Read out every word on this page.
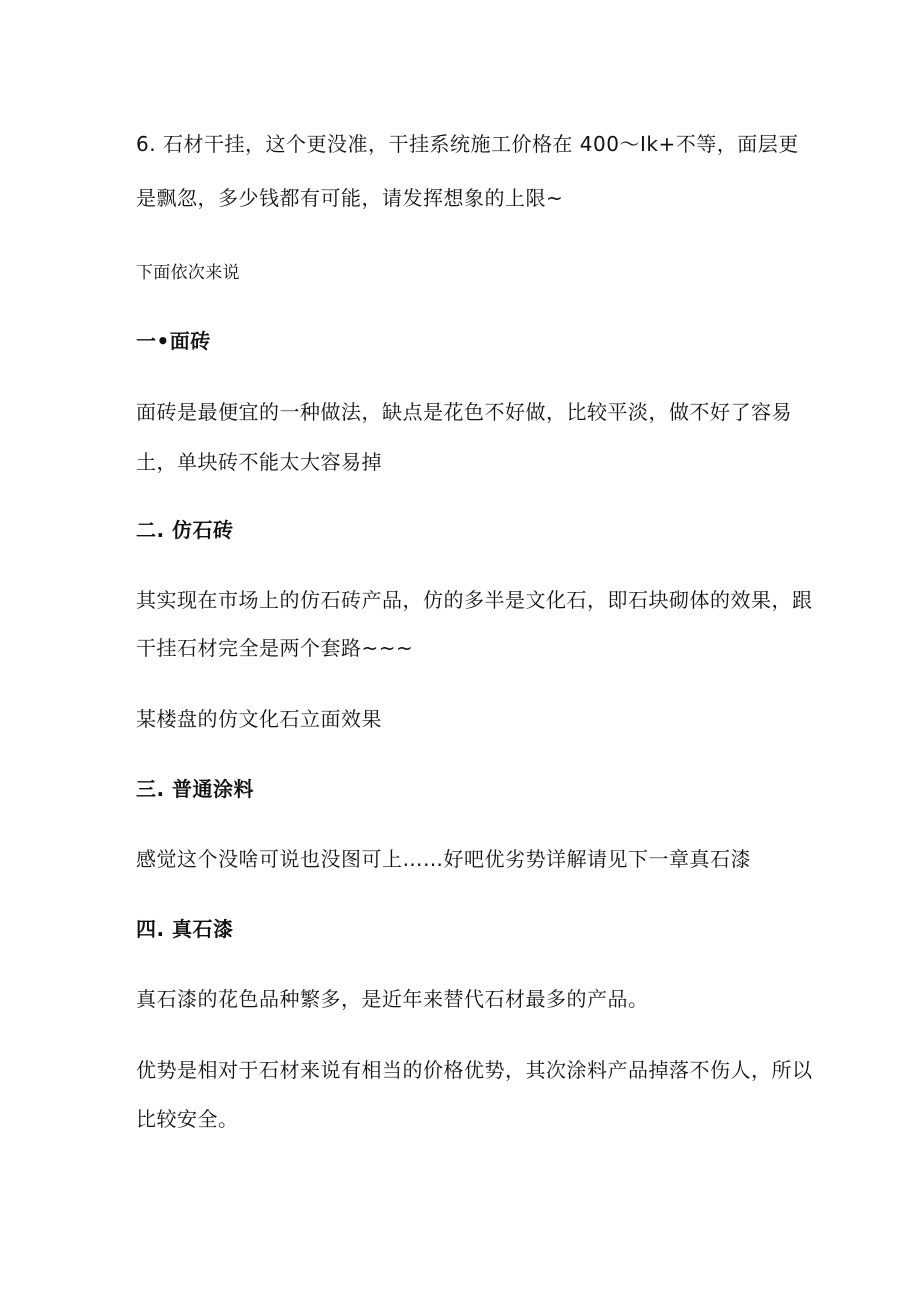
6. 石材干挂，这个更没准，干挂系统施工价格在 400～Ik+不等，面层更
是飘忽，多少钱都有可能，请发挥想象的上限~
下面依次来说
一•面砖
面砖是最便宜的一种做法，缺点是花色不好做，比较平淡，做不好了容易
土，单块砖不能太大容易掉
二. 仿石砖
其实现在市场上的仿石砖产品，仿的多半是文化石，即石块砌体的效果，跟
干挂石材完全是两个套路~~~
某楼盘的仿文化石立面效果
三. 普通涂料
感觉这个没啥可说也没图可上……好吧优劣势详解请见下一章真石漆
四. 真石漆
真石漆的花色品种繁多，是近年来替代石材最多的产品。
优势是相对于石材来说有相当的价格优势，其次涂料产品掉落不伤人，所以
比较安全。
